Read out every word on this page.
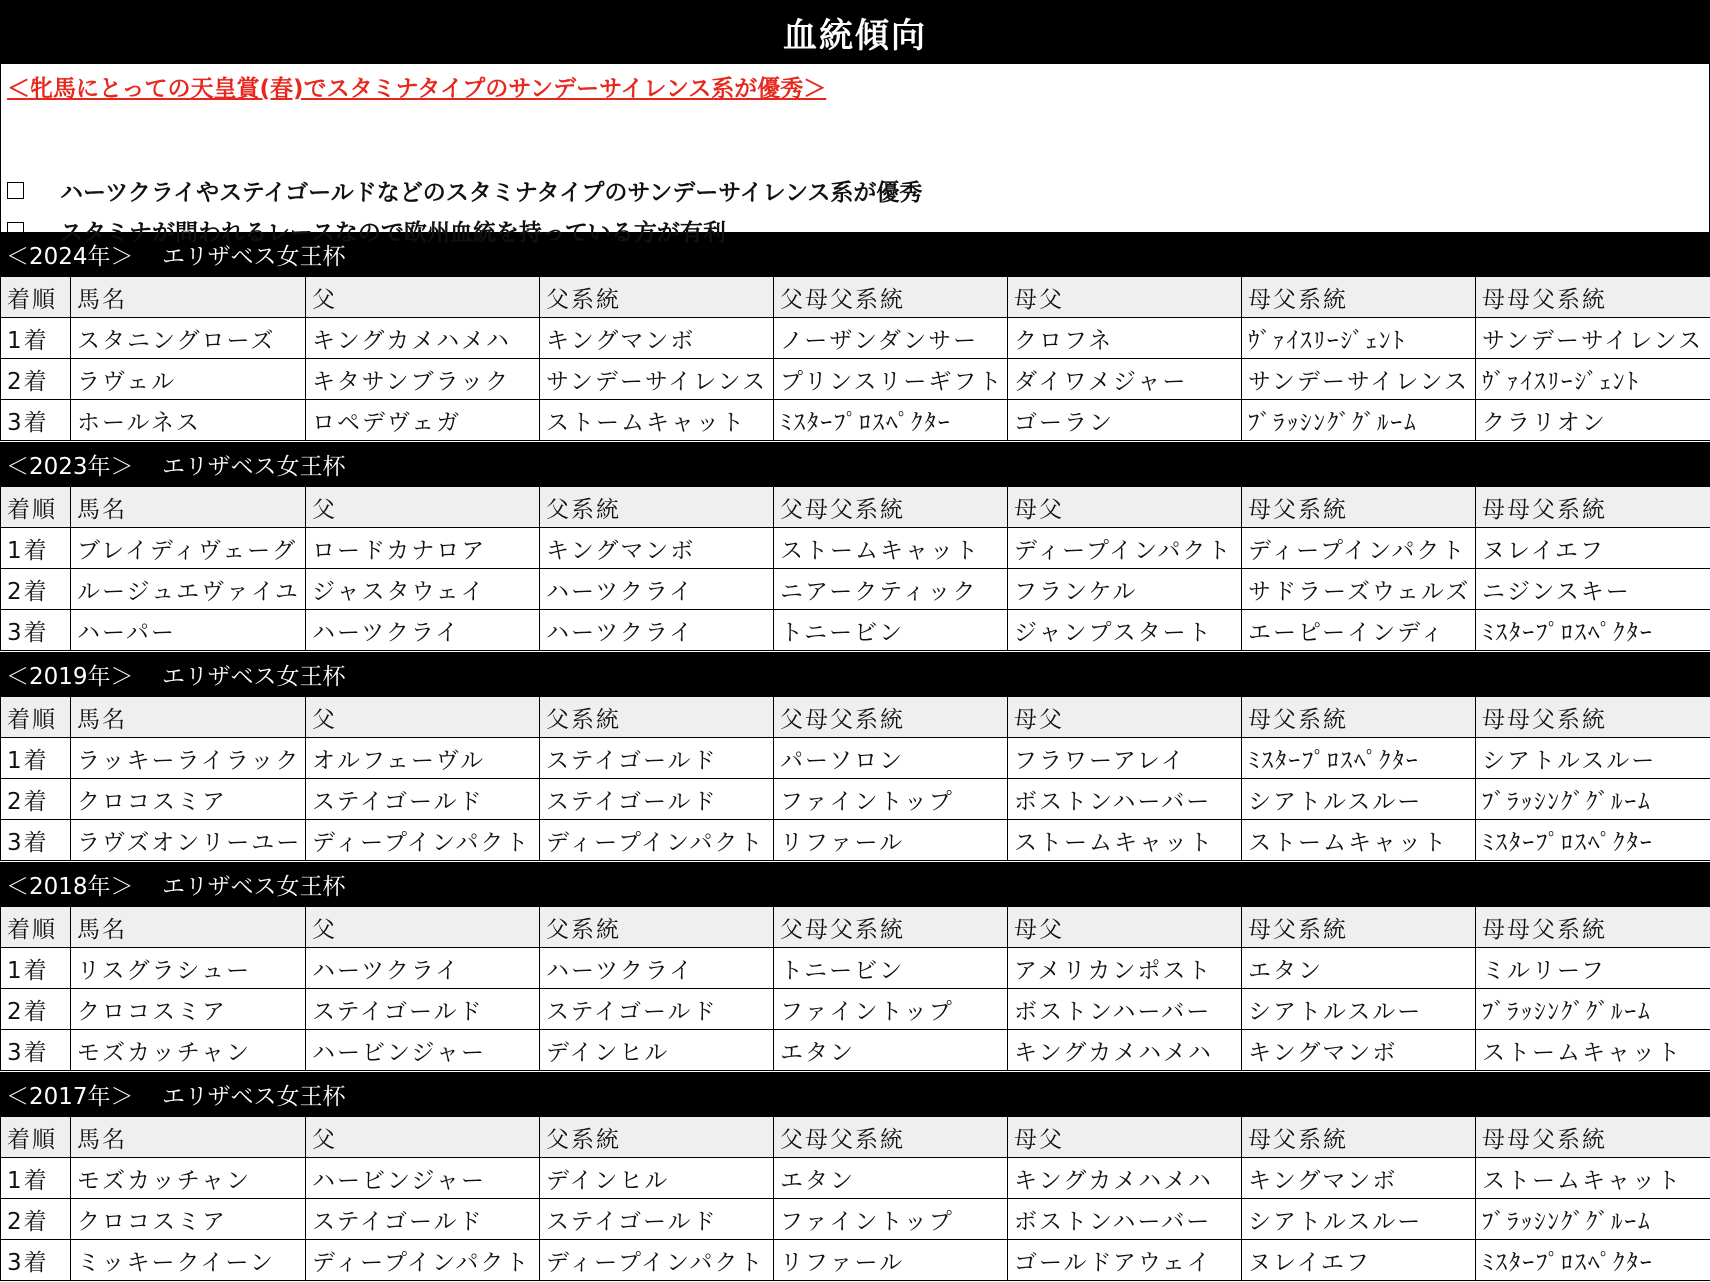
血統傾向
＜牝馬にとっての天皇賞(春)でスタミナタイプのサンデーサイレンス系が優秀＞
ハーツクライやステイゴールドなどのスタミナタイプのサンデーサイレンス系が優秀
スタミナが問われるレースなので欧州血統を持っている方が有利
＜2024年＞	エリザベス女王杯
着順	馬名	父	父系統	父母父系統	母父	母父系統	母母父系統
1着	スタニングローズ	キングカメハメハ	キングマンボ	ノーザンダンサー	クロフネ	ｳﾞｧｲｽﾘｰｼﾞｪﾝﾄ	サンデーサイレンス
2着	ラヴェル	キタサンブラック	サンデーサイレンス	プリンスリーギフト	ダイワメジャー	サンデーサイレンス	ｳﾞｧｲｽﾘｰｼﾞｪﾝﾄ
3着	ホールネス	ロペデヴェガ	ストームキャット	ﾐｽﾀｰﾌﾟﾛｽﾍﾟｸﾀｰ	ゴーラン	ﾌﾞﾗｯｼﾝｸﾞｸﾞﾙｰﾑ	クラリオン
＜2023年＞	エリザベス女王杯
着順	馬名	父	父系統	父母父系統	母父	母父系統	母母父系統
1着	ブレイディヴェーグ	ロードカナロア	キングマンボ	ストームキャット	ディープインパクト	ディープインパクト	ヌレイエフ
2着	ルージュエヴァイユ	ジャスタウェイ	ハーツクライ	ニアークティック	フランケル	サドラーズウェルズ	ニジンスキー
3着	ハーパー	ハーツクライ	ハーツクライ	トニービン	ジャンプスタート	エーピーインディ	ﾐｽﾀｰﾌﾟﾛｽﾍﾟｸﾀｰ
＜2019年＞	エリザベス女王杯
着順	馬名	父	父系統	父母父系統	母父	母父系統	母母父系統
1着	ラッキーライラック	オルフェーヴル	ステイゴールド	パーソロン	フラワーアレイ	ﾐｽﾀｰﾌﾟﾛｽﾍﾟｸﾀｰ	シアトルスルー
2着	クロコスミア	ステイゴールド	ステイゴールド	ファイントップ	ボストンハーバー	シアトルスルー	ﾌﾞﾗｯｼﾝｸﾞｸﾞﾙｰﾑ
3着	ラヴズオンリーユー	ディープインパクト	ディープインパクト	リファール	ストームキャット	ストームキャット	ﾐｽﾀｰﾌﾟﾛｽﾍﾟｸﾀｰ
＜2018年＞	エリザベス女王杯
着順	馬名	父	父系統	父母父系統	母父	母父系統	母母父系統
1着	リスグラシュー	ハーツクライ	ハーツクライ	トニービン	アメリカンポスト	エタン	ミルリーフ
2着	クロコスミア	ステイゴールド	ステイゴールド	ファイントップ	ボストンハーバー	シアトルスルー	ﾌﾞﾗｯｼﾝｸﾞｸﾞﾙｰﾑ
3着	モズカッチャン	ハービンジャー	デインヒル	エタン	キングカメハメハ	キングマンボ	ストームキャット
＜2017年＞	エリザベス女王杯
着順	馬名	父	父系統	父母父系統	母父	母父系統	母母父系統
1着	モズカッチャン	ハービンジャー	デインヒル	エタン	キングカメハメハ	キングマンボ	ストームキャット
2着	クロコスミア	ステイゴールド	ステイゴールド	ファイントップ	ボストンハーバー	シアトルスルー	ﾌﾞﾗｯｼﾝｸﾞｸﾞﾙｰﾑ
3着	ミッキークイーン	ディープインパクト	ディープインパクト	リファール	ゴールドアウェイ	ヌレイエフ	ﾐｽﾀｰﾌﾟﾛｽﾍﾟｸﾀｰ
